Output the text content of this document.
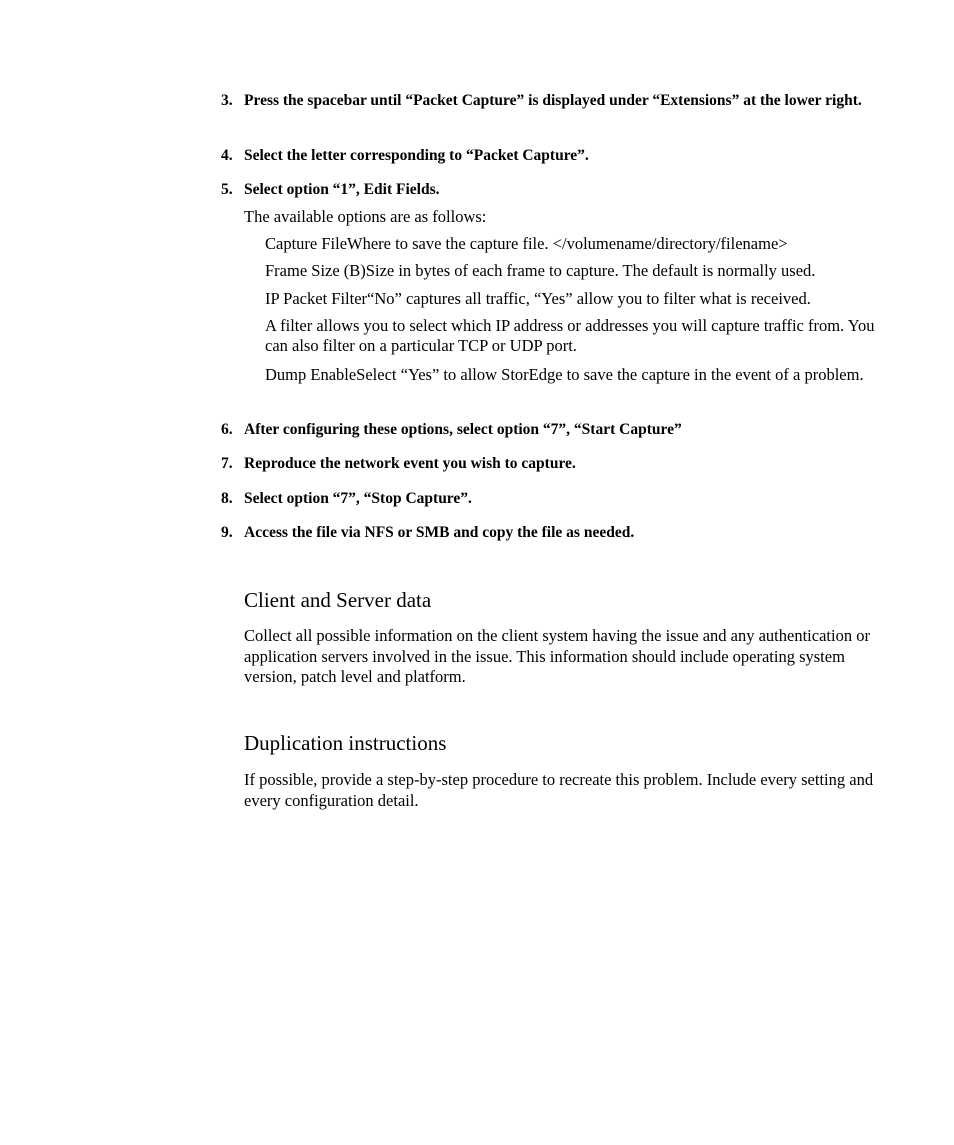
3. Press the spacebar until “Packet Capture” is displayed under “Extensions” at the lower right.
4. Select the letter corresponding to “Packet Capture”.
5. Select option “1”, Edit Fields.
The available options are as follows:
Capture FileWhere to save the capture file. </volumename/directory/filename>
Frame Size (B)Size in bytes of each frame to capture. The default is normally used.
IP Packet Filter“No” captures all traffic, “Yes” allow you to filter what is received.
A filter allows you to select which IP address or addresses you will capture traffic from. You can also filter on a particular TCP or UDP port.
Dump EnableSelect “Yes” to allow StorEdge to save the capture in the event of a problem.
6. After configuring these options, select option “7”, “Start Capture”
7. Reproduce the network event you wish to capture.
8. Select option “7”, “Stop Capture”.
9. Access the file via NFS or SMB and copy the file as needed.
Client and Server data
Collect all possible information on the client system having the issue and any authentication or application servers involved in the issue. This information should include operating system version, patch level and platform.
Duplication instructions
If possible, provide a step-by-step procedure to recreate this problem. Include every setting and every configuration detail.
